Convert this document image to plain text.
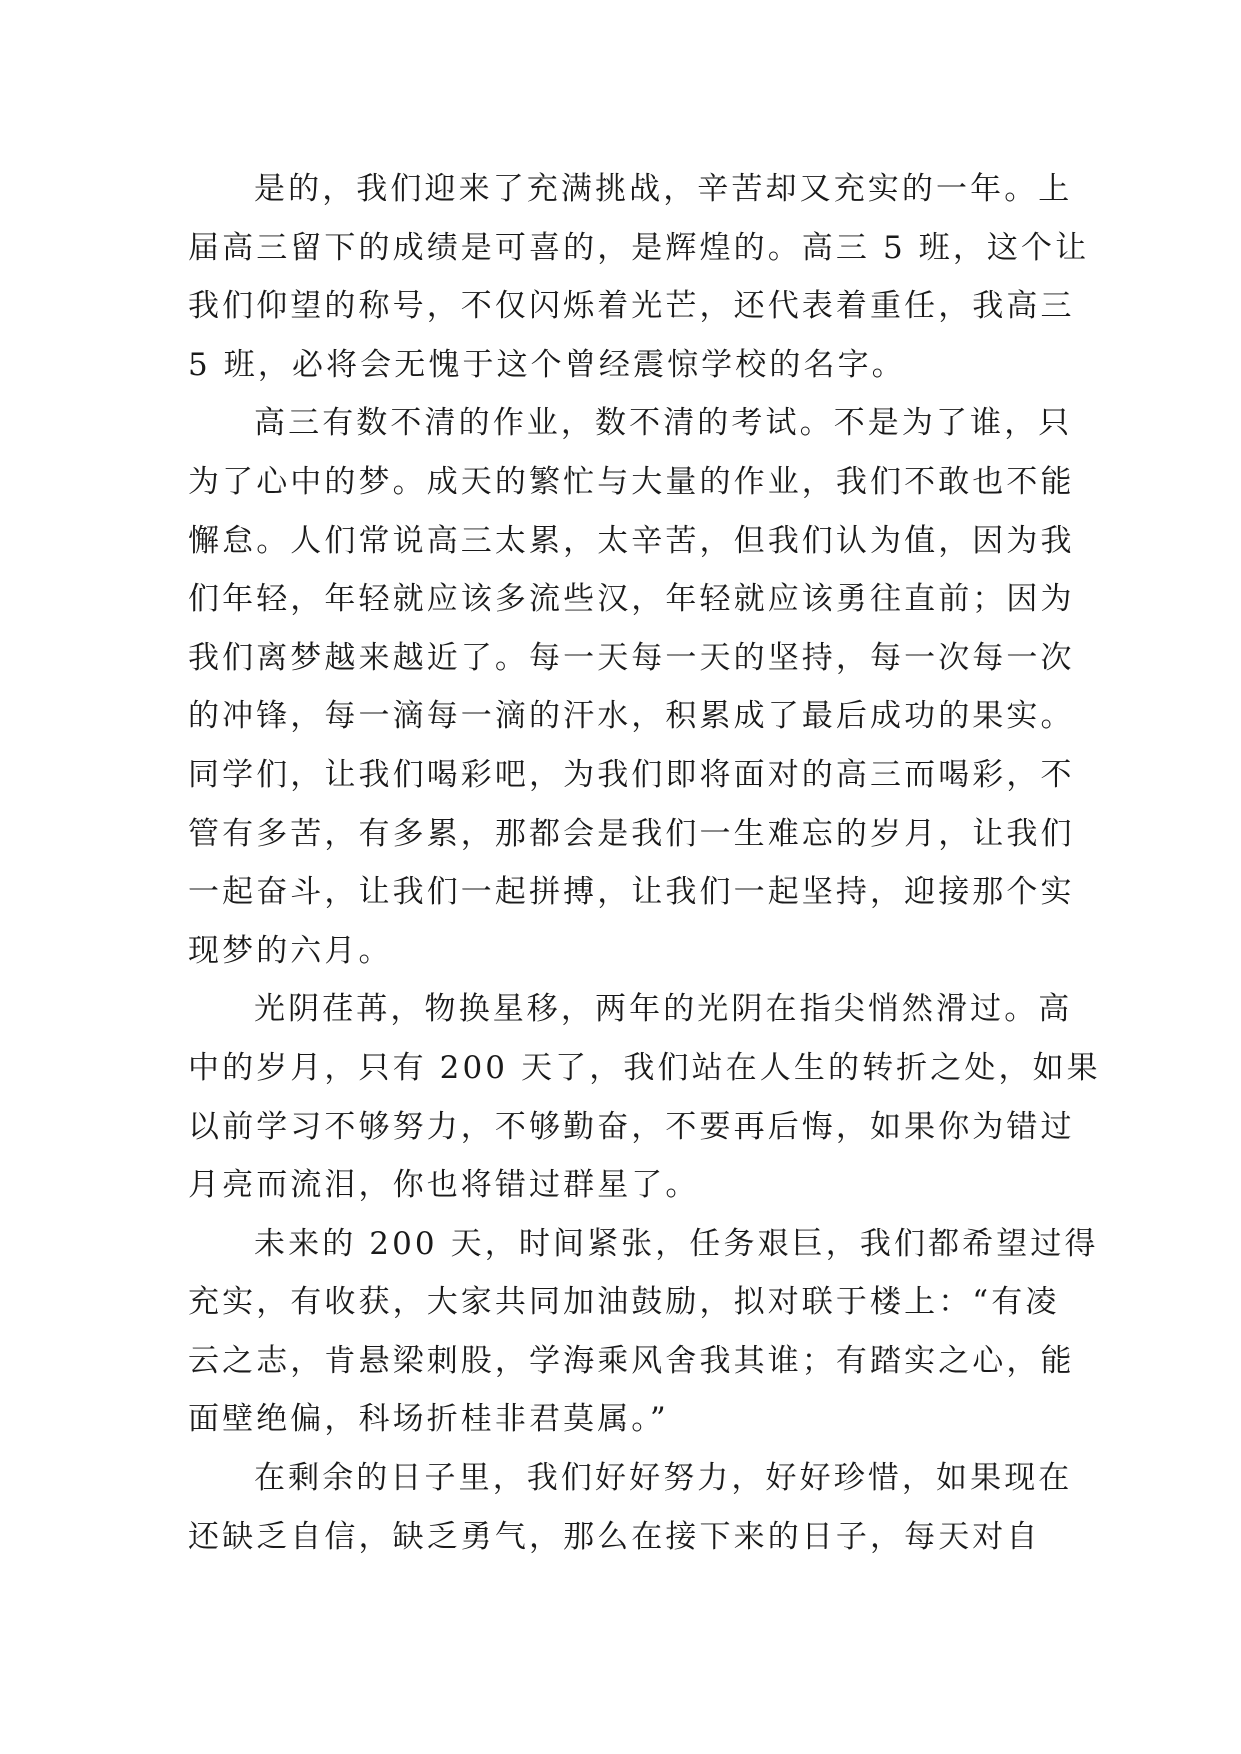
是的，我们迎来了充满挑战，辛苦却又充实的一年。上
届高三留下的成绩是可喜的，是辉煌的。高三 5 班，这个让
我们仰望的称号，不仅闪烁着光芒，还代表着重任，我高三
5 班，必将会无愧于这个曾经震惊学校的名字。
高三有数不清的作业，数不清的考试。不是为了谁，只
为了心中的梦。成天的繁忙与大量的作业，我们不敢也不能
懈怠。人们常说高三太累，太辛苦，但我们认为值，因为我
们年轻，年轻就应该多流些汉，年轻就应该勇往直前；因为
我们离梦越来越近了。每一天每一天的坚持，每一次每一次
的冲锋，每一滴每一滴的汗水，积累成了最后成功的果实。
同学们，让我们喝彩吧，为我们即将面对的高三而喝彩，不
管有多苦，有多累，那都会是我们一生难忘的岁月，让我们
一起奋斗，让我们一起拼搏，让我们一起坚持，迎接那个实
现梦的六月。
光阴荏苒，物换星移，两年的光阴在指尖悄然滑过。高
中的岁月，只有 200 天了，我们站在人生的转折之处，如果
以前学习不够努力，不够勤奋，不要再后悔，如果你为错过
月亮而流泪，你也将错过群星了。
未来的 200 天，时间紧张，任务艰巨，我们都希望过得
充实，有收获，大家共同加油鼓励，拟对联于楼上：“有凌
云之志，肯悬梁刺股，学海乘风舍我其谁；有踏实之心，能
面壁绝偏，科场折桂非君莫属。”
在剩余的日子里，我们好好努力，好好珍惜，如果现在
还缺乏自信，缺乏勇气，那么在接下来的日子，每天对自
